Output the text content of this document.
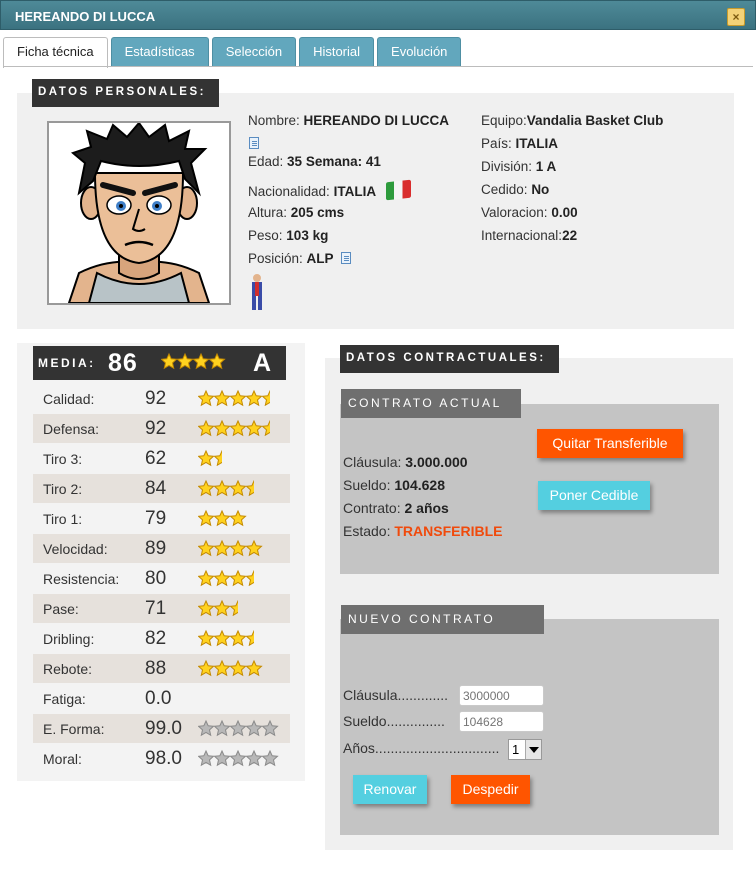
HEREANDO DI LUCCA	×
Ficha técnica	Estadísticas	Selección	Historial	Evolución
DATOS PERSONALES:
Nombre: HEREANDO DI LUCCA
Edad: 35 Semana: 41
Nacionalidad: ITALIA
Altura: 205 cms
Peso: 103 kg
Posición: ALP
Equipo:Vandalia Basket Club
País: ITALIA
División: 1 A
Cedido: No
Valoracion: 0.00
Internacional:22
MEDIA: 86	A
Calidad:	92
Defensa: 92
Tiro 3:	62
Tiro 2:	84
Tiro 1:	79
Velocidad: 89
Resistencia: 80
Pase:	71
Dribling:	82
Rebote:	88
Fatiga:	0.0
E. Forma: 99.0
Moral:	98.0
DATOS CONTRACTUALES:
CONTRATO ACTUAL
Cláusula: 3.000.000
Sueldo: 104.628
Contrato: 2 años
Estado: TRANSFERIBLE
Quitar Transferible
Poner Cedible
NUEVO CONTRATO
Cláusula.............
3000000
Sueldo...............
104628
Años................................ 1
Renovar	Despedir
